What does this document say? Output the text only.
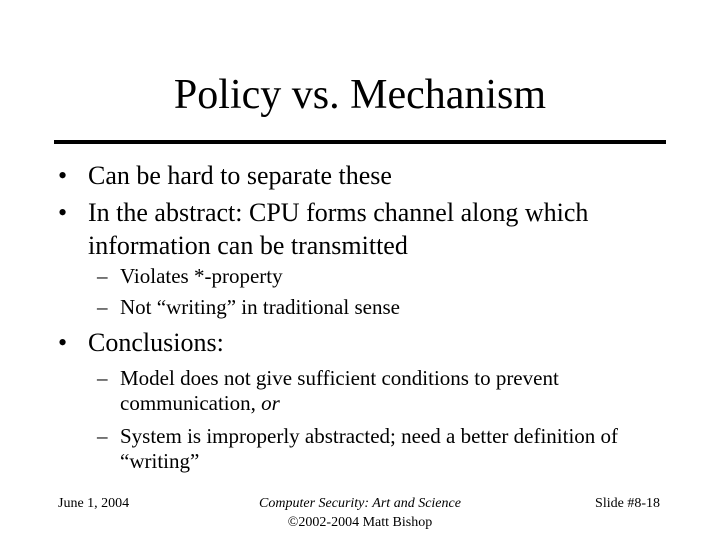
Policy vs. Mechanism
• Can be hard to separate these
• In the abstract: CPU forms channel along which information can be transmitted
– Violates *-property
– Not “writing” in traditional sense
• Conclusions:
– Model does not give sufficient conditions to prevent communication, or
– System is improperly abstracted; need a better definition of “writing”
June 1, 2004	Computer Security: Art and Science
©2002-2004 Matt Bishop
Slide #8-18
